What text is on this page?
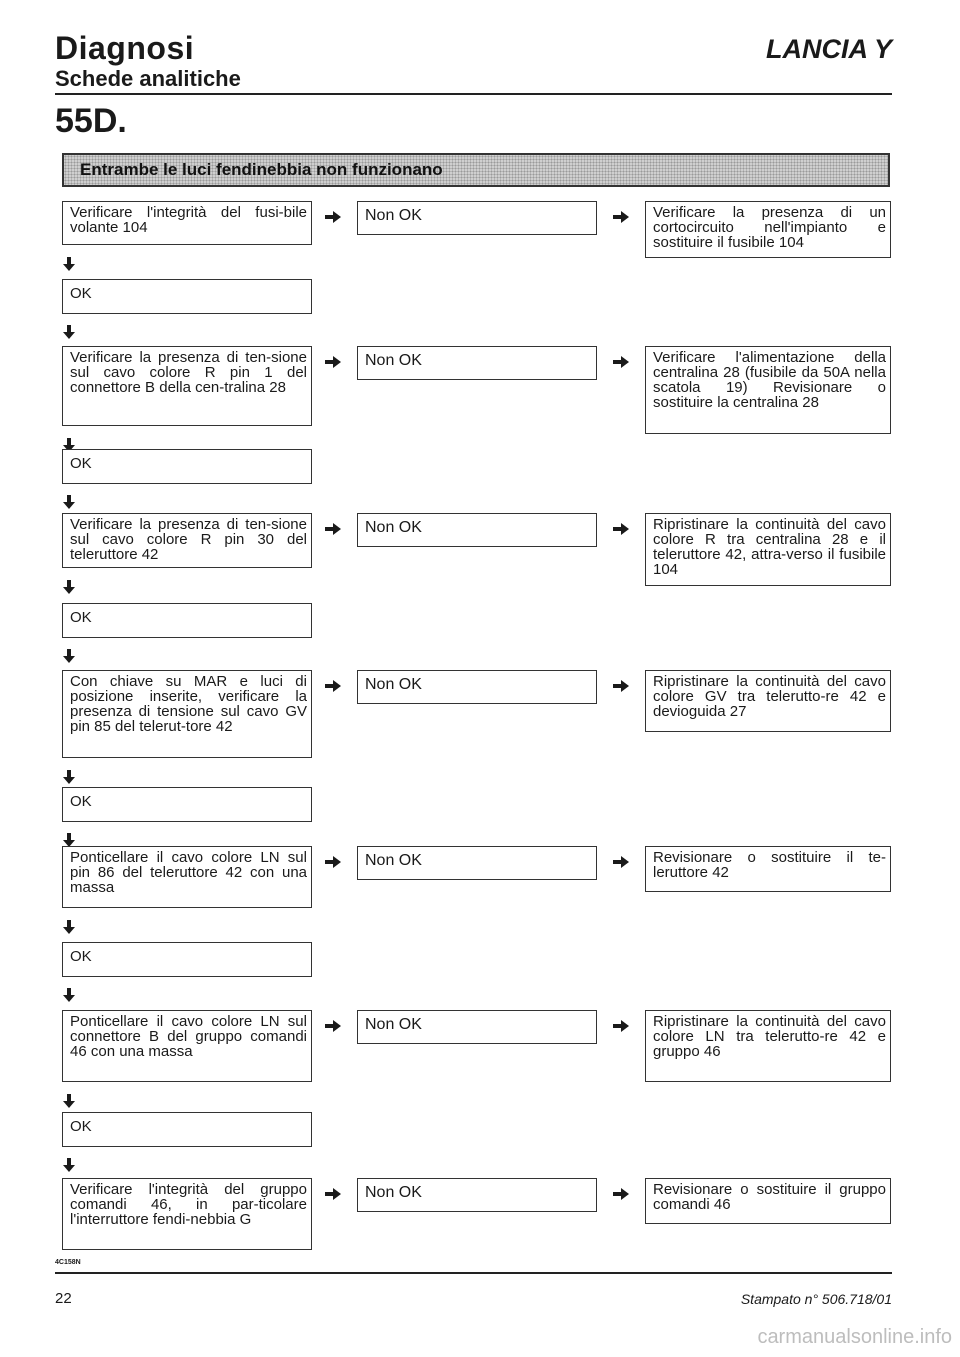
Diagnosi
Schede analitiche
LANCIA Y
55D.
Entrambe le luci fendinebbia non funzionano
Verificare l'integrità del fusi-bile volante 104
Non OK	Verificare la presenza di un cortocircuito nell'impianto e sostituire il fusibile 104
OK
Verificare la presenza di ten-sione sul cavo colore R pin 1 del connettore B della cen-tralina 28
Non OK	Verificare l'alimentazione della centralina 28 (fusibile da 50A nella scatola 19) Revisionare o sostituire la centralina 28
OK
Verificare la presenza di ten-sione sul cavo colore R pin 30 del teleruttore 42
Non OK	Ripristinare la continuità del cavo colore R tra centralina 28 e il teleruttore 42, attra-verso il fusibile 104
OK
Con chiave su MAR e luci di posizione inserite, verificare la presenza di tensione sul cavo GV pin 85 del telerut-tore 42
Non OK	Ripristinare la continuità del cavo colore GV tra telerutto-re 42 e devioguida 27
OK
Ponticellare il cavo colore LN sul pin 86 del teleruttore 42 con una massa
Non OK	Revisionare o sostituire il te-leruttore 42
OK
Ponticellare il cavo colore LN sul connettore B del gruppo comandi 46 con una massa
Non OK	Ripristinare la continuità del cavo colore LN tra telerutto-re 42 e gruppo 46
OK
Verificare l'integrità del gruppo comandi 46, in par-ticolare l'interruttore fendi-nebbia G
Non OK	Revisionare o sostituire il gruppo comandi 46
4C158N
22	Stampato n° 506.718/01
carmanualsonline.info
